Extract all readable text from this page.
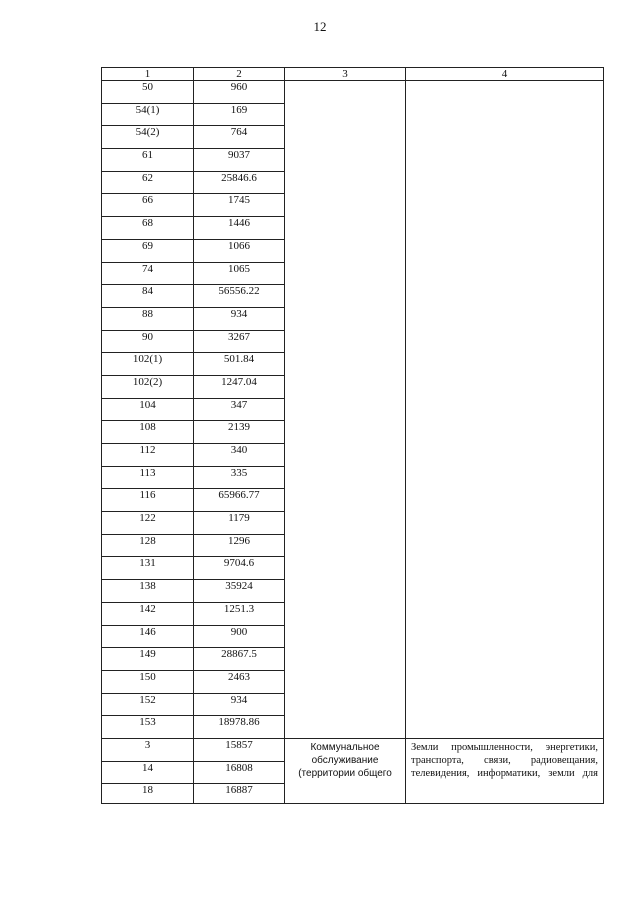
12
1	2	3	4
50	960		
54(1)	169		
54(2)	764		
61	9037		
62	25846.6		
66	1745		
68	1446		
69	1066		
74	1065		
84	56556.22		
88	934		
90	3267		
102(1)	501.84		
102(2)	1247.04		
104	347		
108	2139		
112	340		
113	335		
116	65966.77		
122	1179		
128	1296		
131	9704.6		
138	35924		
142	1251.3		
146	900		
149	28867.5		
150	2463		
152	934		
153	18978.86		
3	15857	Коммунальное обслуживание (территории общего	Земли промышленности, энергетики, транспорта, связи, радиовещания, телевидения, информатики, земли для
14	16808		
18	16887		
